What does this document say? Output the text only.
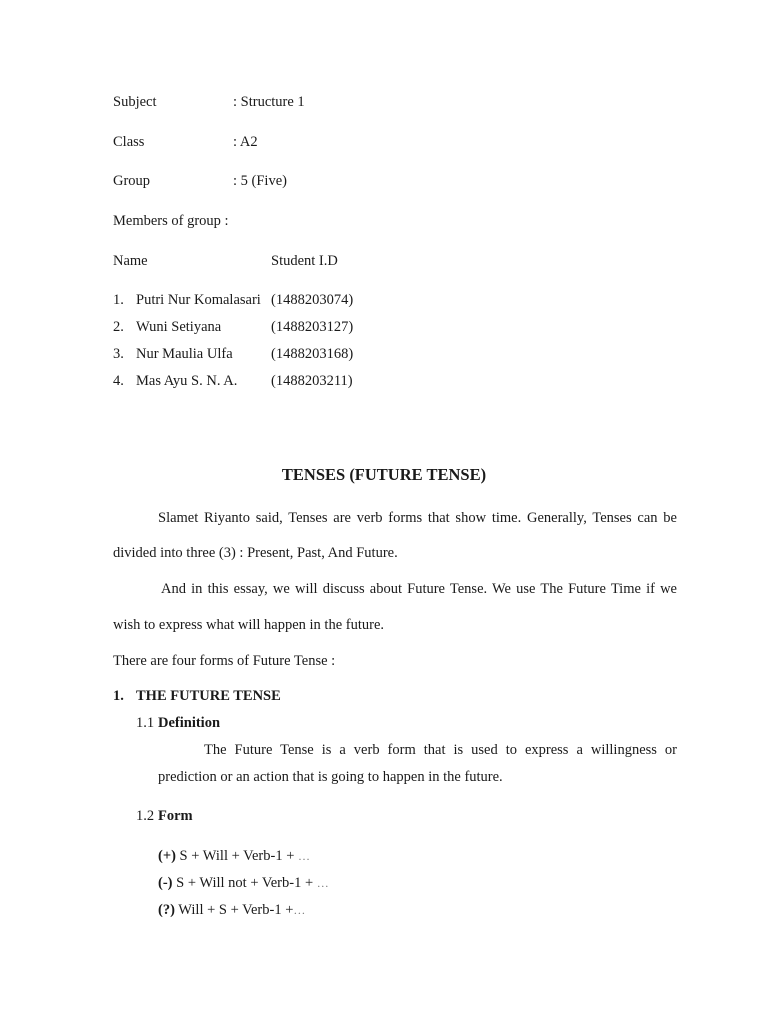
Subject	: Structure 1
Class	: A2
Group	: 5 (Five)
Members of group :
Name	Student I.D
1. Putri Nur Komalasari (1488203074)
2. Wuni Setiyana	(1488203127)
3. Nur Maulia Ulfa	(1488203168)
4. Mas Ayu S. N. A. (1488203211)
TENSES (FUTURE TENSE)
Slamet Riyanto said, Tenses are verb forms that show time. Generally, Tenses can be
divided into three (3) : Present, Past, And Future.
And in this essay, we will discuss about Future Tense. We use The Future Time if we
wish to express what will happen in the future.
There are four forms of Future Tense :
1. THE FUTURE TENSE
1.1 Definition
The Future Tense is a verb form that is used to express a willingness or
prediction or an action that is going to happen in the future.
1.2 Form
(+) S + Will + Verb-1 + …
(-) S + Will not + Verb-1 + …
(?) Will + S + Verb-1 +…
